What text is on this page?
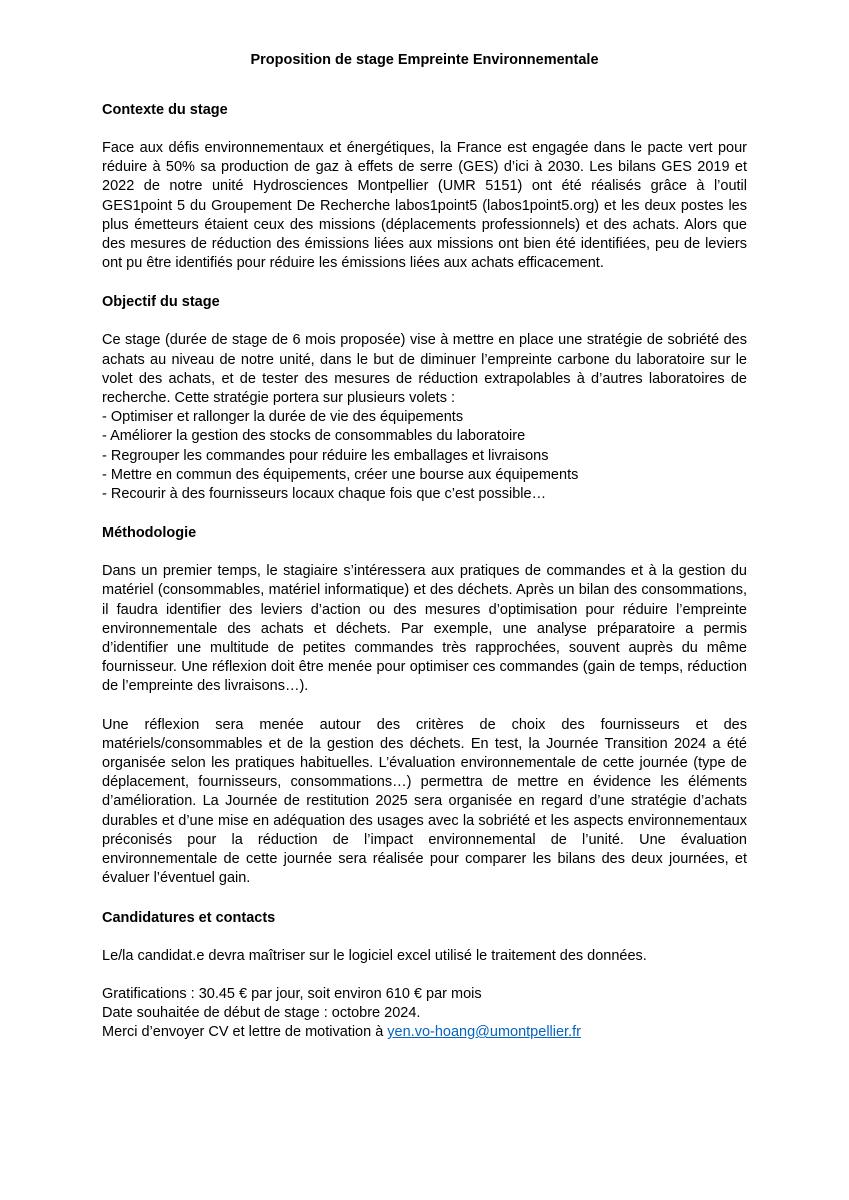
Proposition de stage Empreinte Environnementale
Contexte du stage

Face aux défis environnementaux et énergétiques, la France est engagée dans le pacte vert pour réduire à 50% sa production de gaz à effets de serre (GES) d’ici à 2030. Les bilans GES 2019 et 2022 de notre unité Hydrosciences Montpellier (UMR 5151) ont été réalisés grâce à l’outil GES1point 5 du Groupement De Recherche labos1point5 (labos1point5.org) et les deux postes les plus émetteurs étaient ceux des missions (déplacements professionnels) et des achats. Alors que des mesures de réduction des émissions liées aux missions ont bien été identifiées, peu de leviers ont pu être identifiés pour réduire les émissions liées aux achats efficacement.

Objectif du stage

Ce stage (durée de stage de 6 mois proposée) vise à mettre en place une stratégie de sobriété des achats au niveau de notre unité, dans le but de diminuer l’empreinte carbone du laboratoire sur le volet des achats, et de tester des mesures de réduction extrapolables à d’autres laboratoires de recherche. Cette stratégie portera sur plusieurs volets :

- Optimiser et rallonger la durée de vie des équipements
- Améliorer la gestion des stocks de consommables du laboratoire
- Regrouper les commandes pour réduire les emballages et livraisons
- Mettre en commun des équipements, créer une bourse aux équipements
- Recourir à des fournisseurs locaux chaque fois que c’est possible…
Méthodologie

Dans un premier temps, le stagiaire s’intéressera aux pratiques de commandes et à la gestion du matériel (consommables, matériel informatique) et des déchets. Après un bilan des consommations, il faudra identifier des leviers d’action ou des mesures d’optimisation pour réduire l’empreinte environnementale des achats et déchets. Par exemple, une analyse préparatoire a permis d’identifier une multitude de petites commandes très rapprochées, souvent auprès du même fournisseur. Une réflexion doit être menée pour optimiser ces commandes (gain de temps, réduction de l’empreinte des livraisons…).

Une réflexion sera menée autour des critères de choix des fournisseurs et des matériels/consommables et de la gestion des déchets. En test, la Journée Transition 2024 a été organisée selon les pratiques habituelles. L’évaluation environnementale de cette journée (type de déplacement, fournisseurs, consommations…) permettra de mettre en évidence les éléments d’amélioration. La Journée de restitution 2025 sera organisée en regard d’une stratégie d’achats durables et d’une mise en adéquation des usages avec la sobriété et les aspects environnementaux préconisés pour la réduction de l’impact environnemental de l’unité. Une évaluation environnementale de cette journée sera réalisée pour comparer les bilans des deux journées, et évaluer l’éventuel gain.

Candidatures et contacts

Le/la candidat.e devra maîtriser sur le logiciel excel utilisé le traitement des données.

Gratifications : 30.45 € par jour, soit environ 610 € par mois

Date souhaitée de début de stage : octobre 2024.

Merci d’envoyer CV et lettre de motivation à yen.vo-hoang@umontpellier.fr
